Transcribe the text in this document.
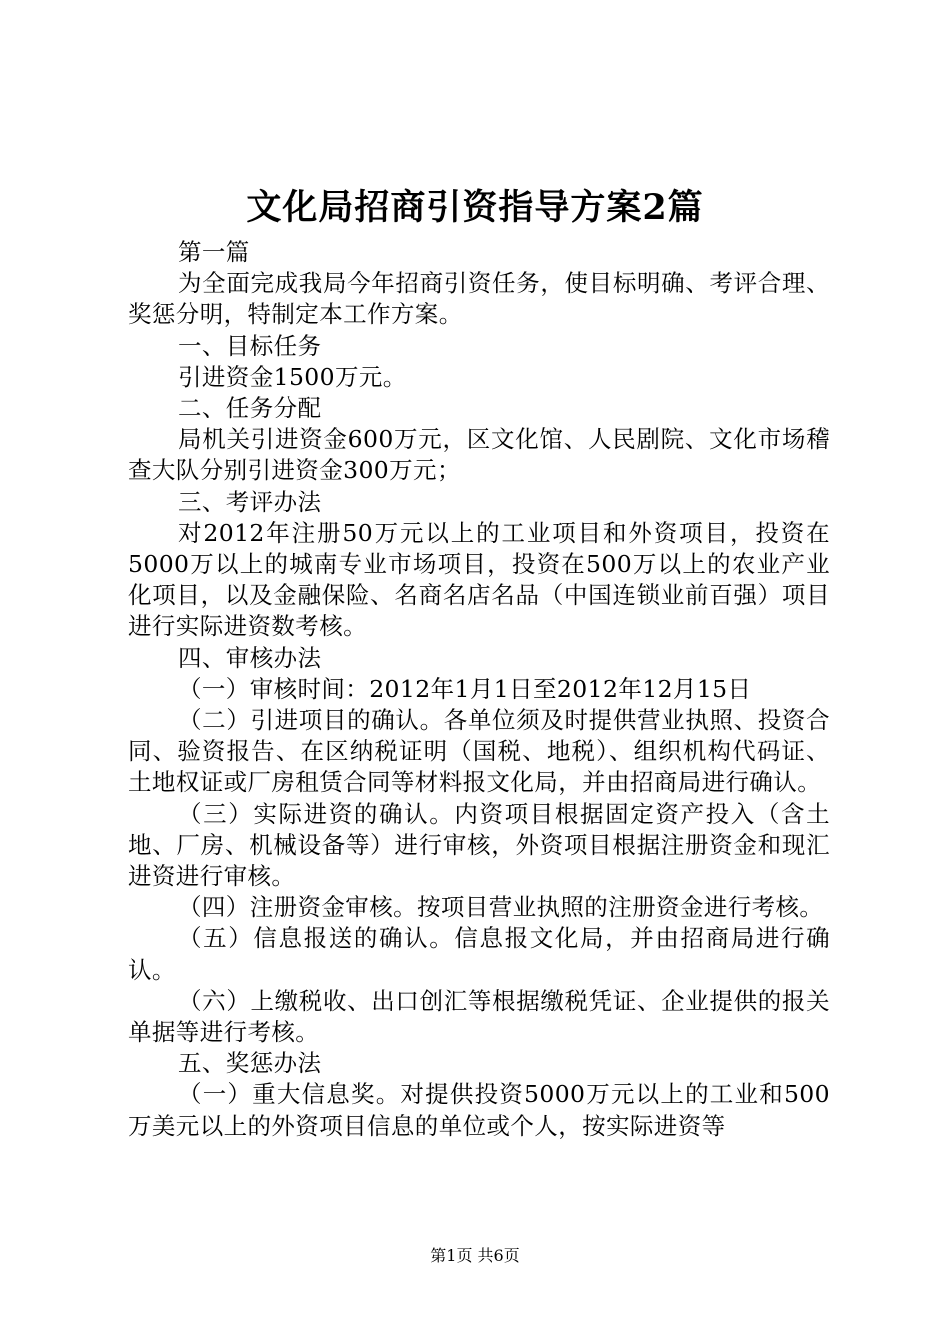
文化局招商引资指导方案2篇

第一篇

为全面完成我局今年招商引资任务，使目标明确、考评合理、奖惩分明，特制定本工作方案。

一、目标任务

引进资金1500万元。

二、任务分配

局机关引进资金600万元，区文化馆、人民剧院、文化市场稽查大队分别引进资金300万元；

三、考评办法

对2012年注册50万元以上的工业项目和外资项目，投资在5000万以上的城南专业市场项目，投资在500万以上的农业产业化项目，以及金融保险、名商名店名品（中国连锁业前百强）项目进行实际进资数考核。

四、审核办法

（一）审核时间：2012年1月1日至2012年12月15日

（二）引进项目的确认。各单位须及时提供营业执照、投资合同、验资报告、在区纳税证明（国税、地税）、组织机构代码证、土地权证或厂房租赁合同等材料报文化局，并由招商局进行确认。

（三）实际进资的确认。内资项目根据固定资产投入（含土地、厂房、机械设备等）进行审核，外资项目根据注册资金和现汇进资进行审核。

（四）注册资金审核。按项目营业执照的注册资金进行考核。

（五）信息报送的确认。信息报文化局，并由招商局进行确认。

（六）上缴税收、出口创汇等根据缴税凭证、企业提供的报关单据等进行考核。

五、奖惩办法

（一）重大信息奖。对提供投资5000万元以上的工业和500万美元以上的外资项目信息的单位或个人，按实际进资等

第1页 共6页
